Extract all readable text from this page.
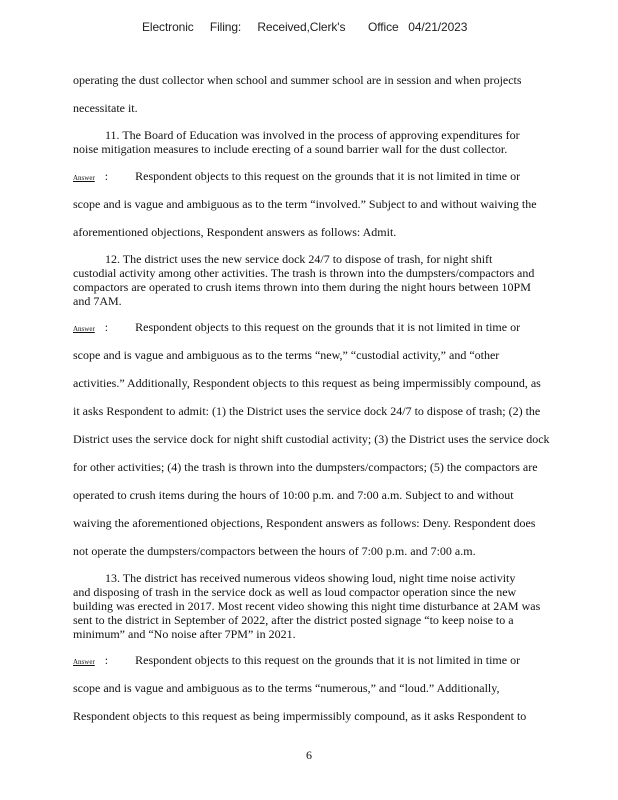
Electronic     Filing:     Received,Clerk's       Office   04/21/2023
operating the dust collector when school and summer school are in session and when projects
necessitate it.
11. The Board of Education was involved in the process of approving expenditures for
noise mitigation measures to include erecting of a sound barrier wall for the dust collector.
Answer : Respondent objects to this request on the grounds that it is not limited in time or
scope and is vague and ambiguous as to the term “involved.” Subject to and without waiving the
aforementioned objections, Respondent answers as follows: Admit.
12. The district uses the new service dock 24/7 to dispose of trash, for night shift
custodial activity among other activities. The trash is thrown into the dumpsters/compactors and
compactors are operated to crush items thrown into them during the night hours between 10PM
and 7AM.
Answer : Respondent objects to this request on the grounds that it is not limited in time or
scope and is vague and ambiguous as to the terms “new,” “custodial activity,” and “other
activities.” Additionally, Respondent objects to this request as being impermissibly compound, as
it asks Respondent to admit: (1) the District uses the service dock 24/7 to dispose of trash; (2) the
District uses the service dock for night shift custodial activity; (3) the District uses the service dock
for other activities; (4) the trash is thrown into the dumpsters/compactors; (5) the compactors are
operated to crush items during the hours of 10:00 p.m. and 7:00 a.m. Subject to and without
waiving the aforementioned objections, Respondent answers as follows: Deny. Respondent does
not operate the dumpsters/compactors between the hours of 7:00 p.m. and 7:00 a.m.
13. The district has received numerous videos showing loud, night time noise activity
and disposing of trash in the service dock as well as loud compactor operation since the new
building was erected in 2017. Most recent video showing this night time disturbance at 2AM was
sent to the district in September of 2022, after the district posted signage “to keep noise to a
minimum” and “No noise after 7PM” in 2021.
Answer : Respondent objects to this request on the grounds that it is not limited in time or
scope and is vague and ambiguous as to the terms “numerous,” and “loud.” Additionally,
Respondent objects to this request as being impermissibly compound, as it asks Respondent to
6
